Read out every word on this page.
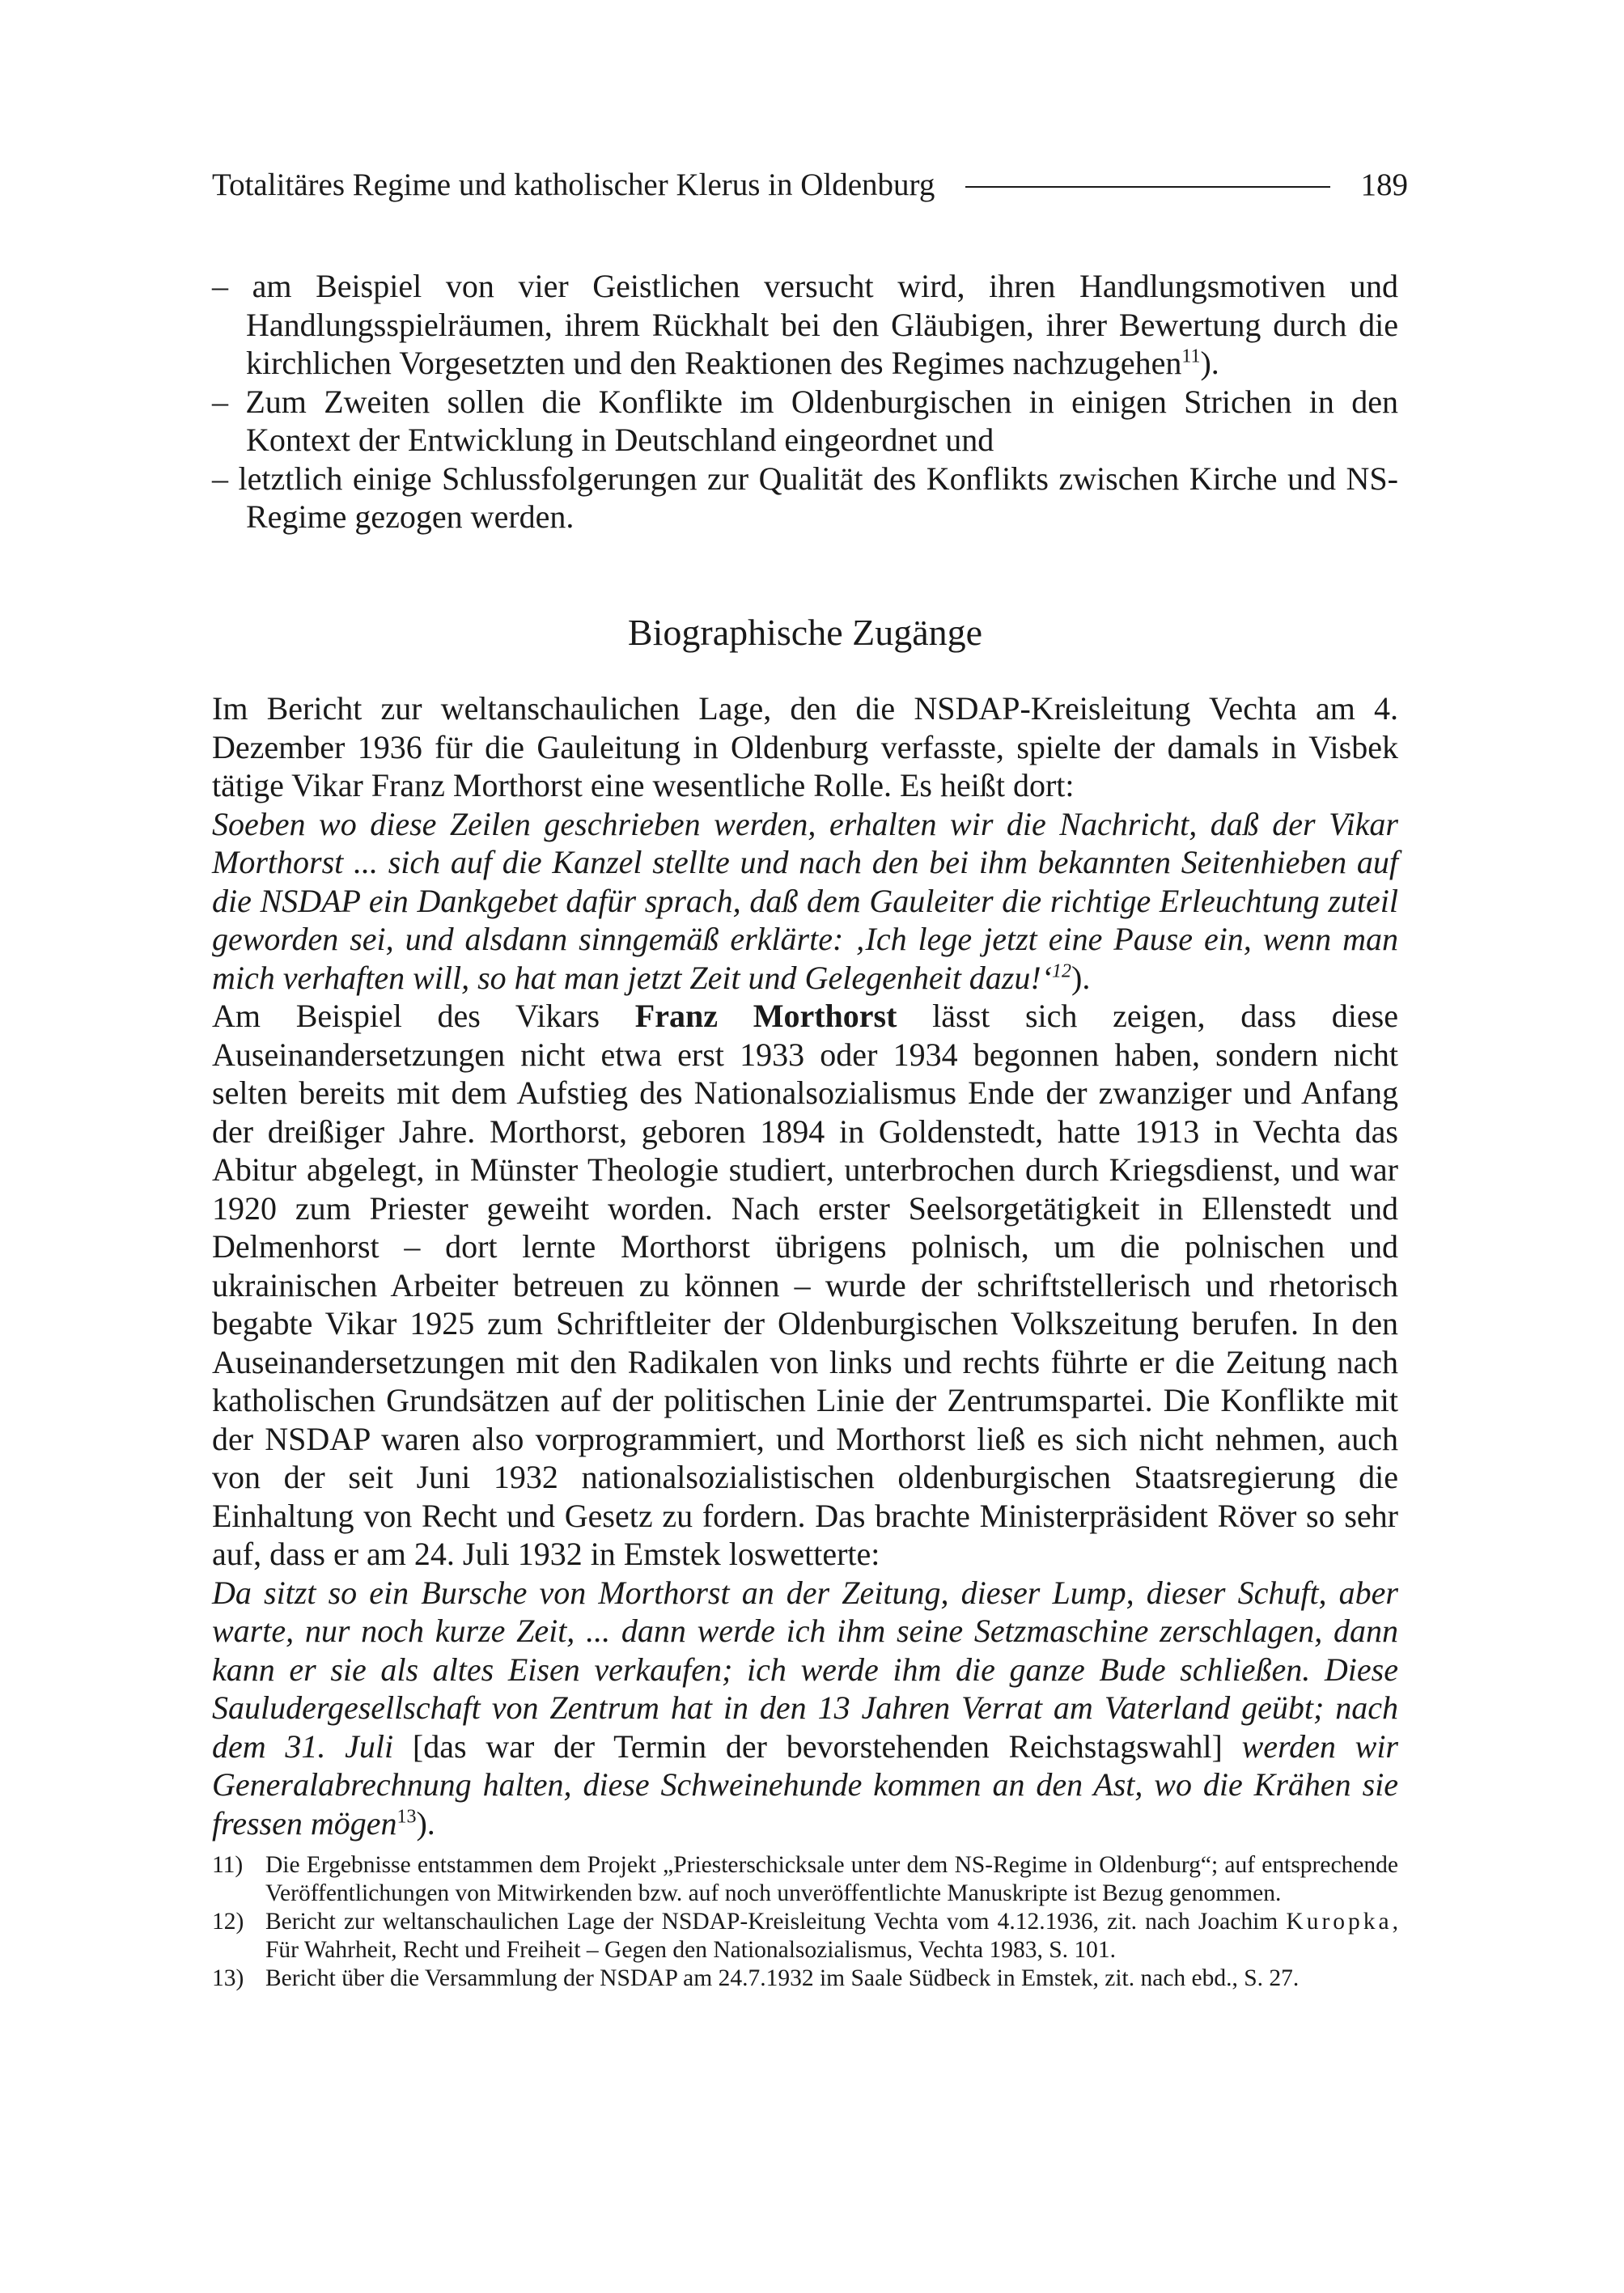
Totalitäres Regime und katholischer Klerus in Oldenburg	189

– am Beispiel von vier Geistlichen versucht wird, ihren Handlungsmotiven und Handlungsspielräumen, ihrem Rückhalt bei den Gläubigen, ihrer Bewertung durch die kirchlichen Vorgesetzten und den Reaktionen des Regimes nachzugehen$^{11}$).

– Zum Zweiten sollen die Konflikte im Oldenburgischen in einigen Strichen in den Kontext der Entwicklung in Deutschland eingeordnet und

– letztlich einige Schlussfolgerungen zur Qualität des Konflikts zwischen Kirche und NS-Regime gezogen werden.

Biographische Zugänge

Im Bericht zur weltanschaulichen Lage, den die NSDAP-Kreisleitung Vechta am 4. Dezember 1936 für die Gauleitung in Oldenburg verfasste, spielte der damals in Visbek tätige Vikar Franz Morthorst eine wesentliche Rolle. Es heißt dort:

Soeben wo diese Zeilen geschrieben werden, erhalten wir die Nachricht, daß der Vikar Morthorst ... sich auf die Kanzel stellte und nach den bei ihm bekannten Seitenhieben auf die NSDAP ein Dankgebet dafür sprach, daß dem Gauleiter die richtige Erleuchtung zuteil geworden sei, und alsdann sinngemäß erklärte: ‚Ich lege jetzt eine Pause ein, wenn man mich verhaften will, so hat man jetzt Zeit und Gelegenheit dazu!‘$^{12}$).

Am Beispiel des Vikars Franz Morthorst lässt sich zeigen, dass diese Auseinandersetzungen nicht etwa erst 1933 oder 1934 begonnen haben, sondern nicht selten bereits mit dem Aufstieg des Nationalsozialismus Ende der zwanziger und Anfang der dreißiger Jahre. Morthorst, geboren 1894 in Goldenstedt, hatte 1913 in Vechta das Abitur abgelegt, in Münster Theologie studiert, unterbrochen durch Kriegsdienst, und war 1920 zum Priester geweiht worden. Nach erster Seelsorgetätigkeit in Ellenstedt und Delmenhorst – dort lernte Morthorst übrigens polnisch, um die polnischen und ukrainischen Arbeiter betreuen zu können – wurde der schriftstellerisch und rhetorisch begabte Vikar 1925 zum Schriftleiter der Oldenburgischen Volkszeitung berufen. In den Auseinandersetzungen mit den Radikalen von links und rechts führte er die Zeitung nach katholischen Grundsätzen auf der politischen Linie der Zentrumspartei. Die Konflikte mit der NSDAP waren also vorprogrammiert, und Morthorst ließ es sich nicht nehmen, auch von der seit Juni 1932 nationalsozialistischen oldenburgischen Staatsregierung die Einhaltung von Recht und Gesetz zu fordern. Das brachte Ministerpräsident Röver so sehr auf, dass er am 24. Juli 1932 in Emstek loswetterte:

Da sitzt so ein Bursche von Morthorst an der Zeitung, dieser Lump, dieser Schuft, aber warte, nur noch kurze Zeit, ... dann werde ich ihm seine Setzmaschine zerschlagen, dann kann er sie als altes Eisen verkaufen; ich werde ihm die ganze Bude schließen. Diese Sauludergesellschaft von Zentrum hat in den 13 Jahren Verrat am Vaterland geübt; nach dem 31. Juli [das war der Termin der bevorstehenden Reichstagswahl] werden wir Generalabrechnung halten, diese Schweinehunde kommen an den Ast, wo die Krähen sie fressen mögen$^{13}$).

11) Die Ergebnisse entstammen dem Projekt „Priesterschicksale unter dem NS-Regime in Oldenburg“; auf entsprechende Veröffentlichungen von Mitwirkenden bzw. auf noch unveröffentlichte Manuskripte ist Bezug genommen.
12) Bericht zur weltanschaulichen Lage der NSDAP-Kreisleitung Vechta vom 4.12.1936, zit. nach Joachim Kuropka, Für Wahrheit, Recht und Freiheit – Gegen den Nationalsozialismus, Vechta 1983, S. 101.
13) Bericht über die Versammlung der NSDAP am 24.7.1932 im Saale Südbeck in Emstek, zit. nach ebd., S. 27.
